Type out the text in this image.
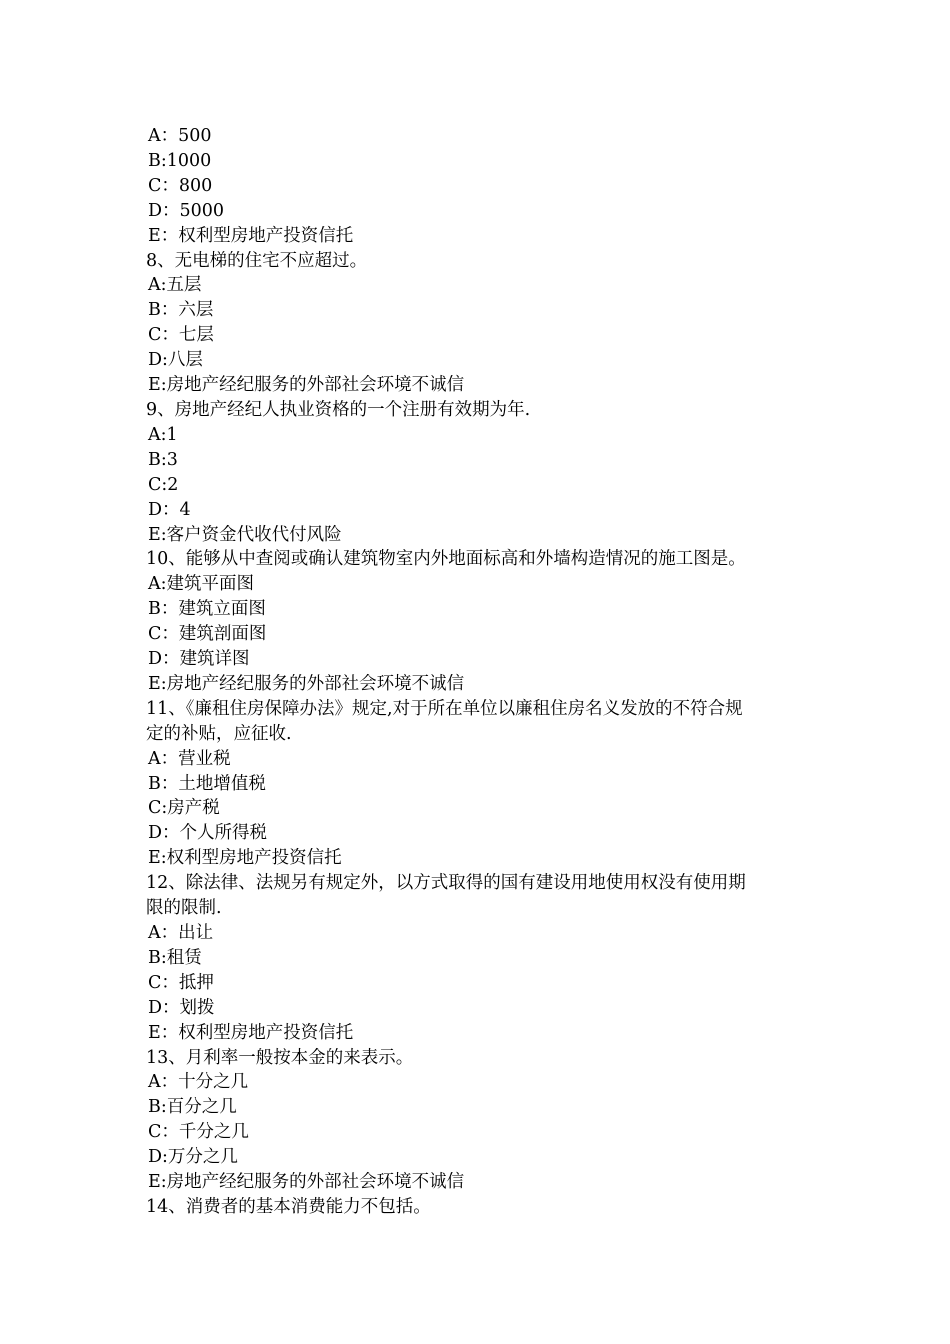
A：500
B:1000
C：800
D：5000
E：权利型房地产投资信托
8、无电梯的住宅不应超过。
A:五层
B：六层
C：七层
D:八层
E:房地产经纪服务的外部社会环境不诚信
9、房地产经纪人执业资格的一个注册有效期为年.
A:1
B:3
C:2
D：4
E:客户资金代收代付风险
10、能够从中查阅或确认建筑物室内外地面标高和外墙构造情况的施工图是。
A:建筑平面图
B：建筑立面图
C：建筑剖面图
D：建筑详图
E:房地产经纪服务的外部社会环境不诚信
11、《廉租住房保障办法》规定,对于所在单位以廉租住房名义发放的不符合规
定的补贴，应征收.
A：营业税
B：土地增值税
C:房产税
D：个人所得税
E:权利型房地产投资信托
12、除法律、法规另有规定外，以方式取得的国有建设用地使用权没有使用期
限的限制.
A：出让
B:租赁
C：抵押
D：划拨
E：权利型房地产投资信托
13、月利率一般按本金的来表示。
A：十分之几
B:百分之几
C：千分之几
D:万分之几
E:房地产经纪服务的外部社会环境不诚信
14、消费者的基本消费能力不包括。
